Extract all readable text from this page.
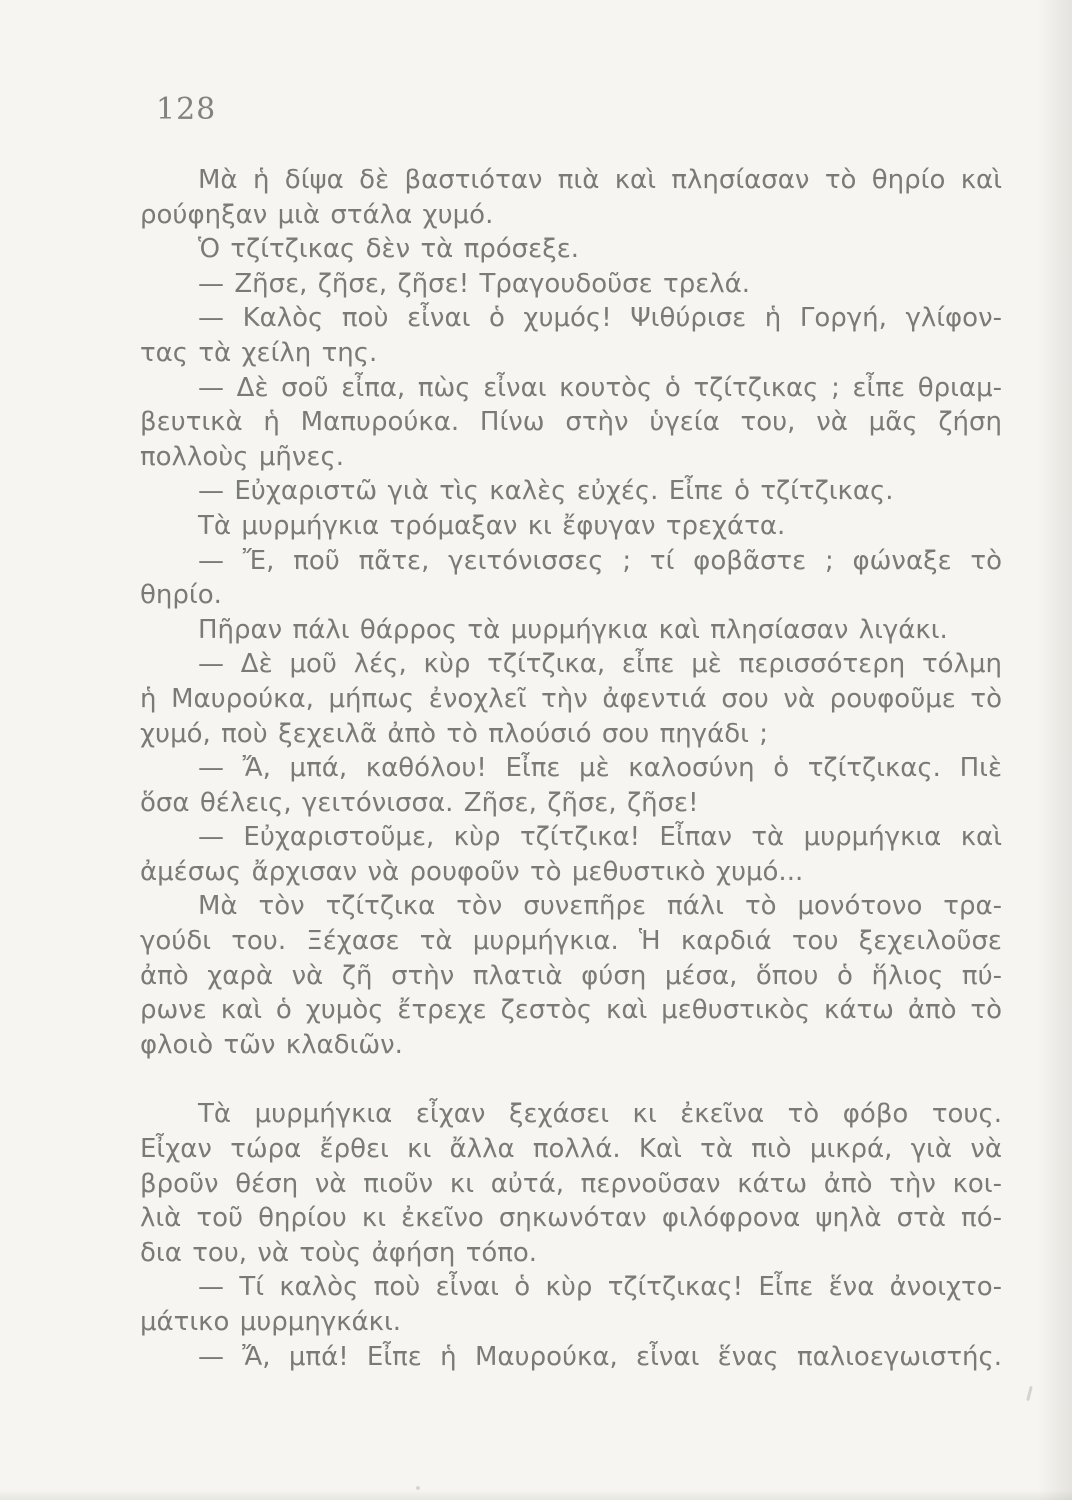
128
Μὰ ἡ δίψα δὲ βαστιόταν πιὰ καὶ πλησίασαν τὸ θηρίο καὶ
ρούφηξαν μιὰ στάλα χυμό.
Ὁ τζίτζικας δὲν τὰ πρόσεξε.
— Ζῆσε, ζῆσε, ζῆσε! Τραγουδοῦσε τρελά.
— Καλὸς ποὺ εἶναι ὁ χυμός! Ψιθύρισε ἡ Γοργή, γλίφον-
τας τὰ χείλη της.
— Δὲ σοῦ εἶπα, πὼς εἶναι κουτὸς ὁ τζίτζικας ; εἶπε θριαμ-
βευτικὰ ἡ Μαπυρούκα. Πίνω στὴν ὑγεία του, νὰ μᾶς ζήση
πολλοὺς μῆνες.
— Εὐχαριστῶ γιὰ τὶς καλὲς εὐχές. Εἶπε ὁ τζίτζικας.
Τὰ μυρμήγκια τρόμαξαν κι ἔφυγαν τρεχάτα.
— Ἔ, ποῦ πᾶτε, γειτόνισσες ; τί φοβᾶστε ; φώναξε τὸ
θηρίο.
Πῆραν πάλι θάρρος τὰ μυρμήγκια καὶ πλησίασαν λιγάκι.
— Δὲ μοῦ λές, κὺρ τζίτζικα, εἶπε μὲ περισσότερη τόλμη
ἡ Μαυρούκα, μήπως ἐνοχλεῖ τὴν ἀφεντιά σου νὰ ρουφοῦμε τὸ
χυμό, ποὺ ξεχειλᾶ ἀπὸ τὸ πλούσιό σου πηγάδι ;
— Ἄ, μπά, καθόλου! Εἶπε μὲ καλοσύνη ὁ τζίτζικας. Πιὲ
ὅσα θέλεις, γειτόνισσα. Ζῆσε, ζῆσε, ζῆσε!
— Εὐχαριστοῦμε, κὺρ τζίτζικα! Εἶπαν τὰ μυρμήγκια καὶ
ἀμέσως ἄρχισαν νὰ ρουφοῦν τὸ μεθυστικὸ χυμό...
Μὰ τὸν τζίτζικα τὸν συνεπῆρε πάλι τὸ μονότονο τρα-
γούδι του. Ξέχασε τὰ μυρμήγκια. Ἡ καρδιά του ξεχειλοῦσε
ἀπὸ χαρὰ νὰ ζῆ στὴν πλατιὰ φύση μέσα, ὅπου ὁ ἥλιος πύ-
ρωνε καὶ ὁ χυμὸς ἔτρεχε ζεστὸς καὶ μεθυστικὸς κάτω ἀπὸ τὸ
φλοιὸ τῶν κλαδιῶν.
Τὰ μυρμήγκια εἶχαν ξεχάσει κι ἐκεῖνα τὸ φόβο τους.
Εἶχαν τώρα ἔρθει κι ἄλλα πολλά. Καὶ τὰ πιὸ μικρά, γιὰ νὰ
βροῦν θέση νὰ πιοῦν κι αὐτά, περνοῦσαν κάτω ἀπὸ τὴν κοι-
λιὰ τοῦ θηρίου κι ἐκεῖνο σηκωνόταν φιλόφρονα ψηλὰ στὰ πό-
δια του, νὰ τοὺς ἀφήση τόπο.
— Τί καλὸς ποὺ εἶναι ὁ κὺρ τζίτζικας! Εἶπε ἕνα ἀνοιχτο-
μάτικο μυρμηγκάκι.
— Ἄ, μπά! Εἶπε ἡ Μαυρούκα, εἶναι ἕνας παλιοεγωιστής.
